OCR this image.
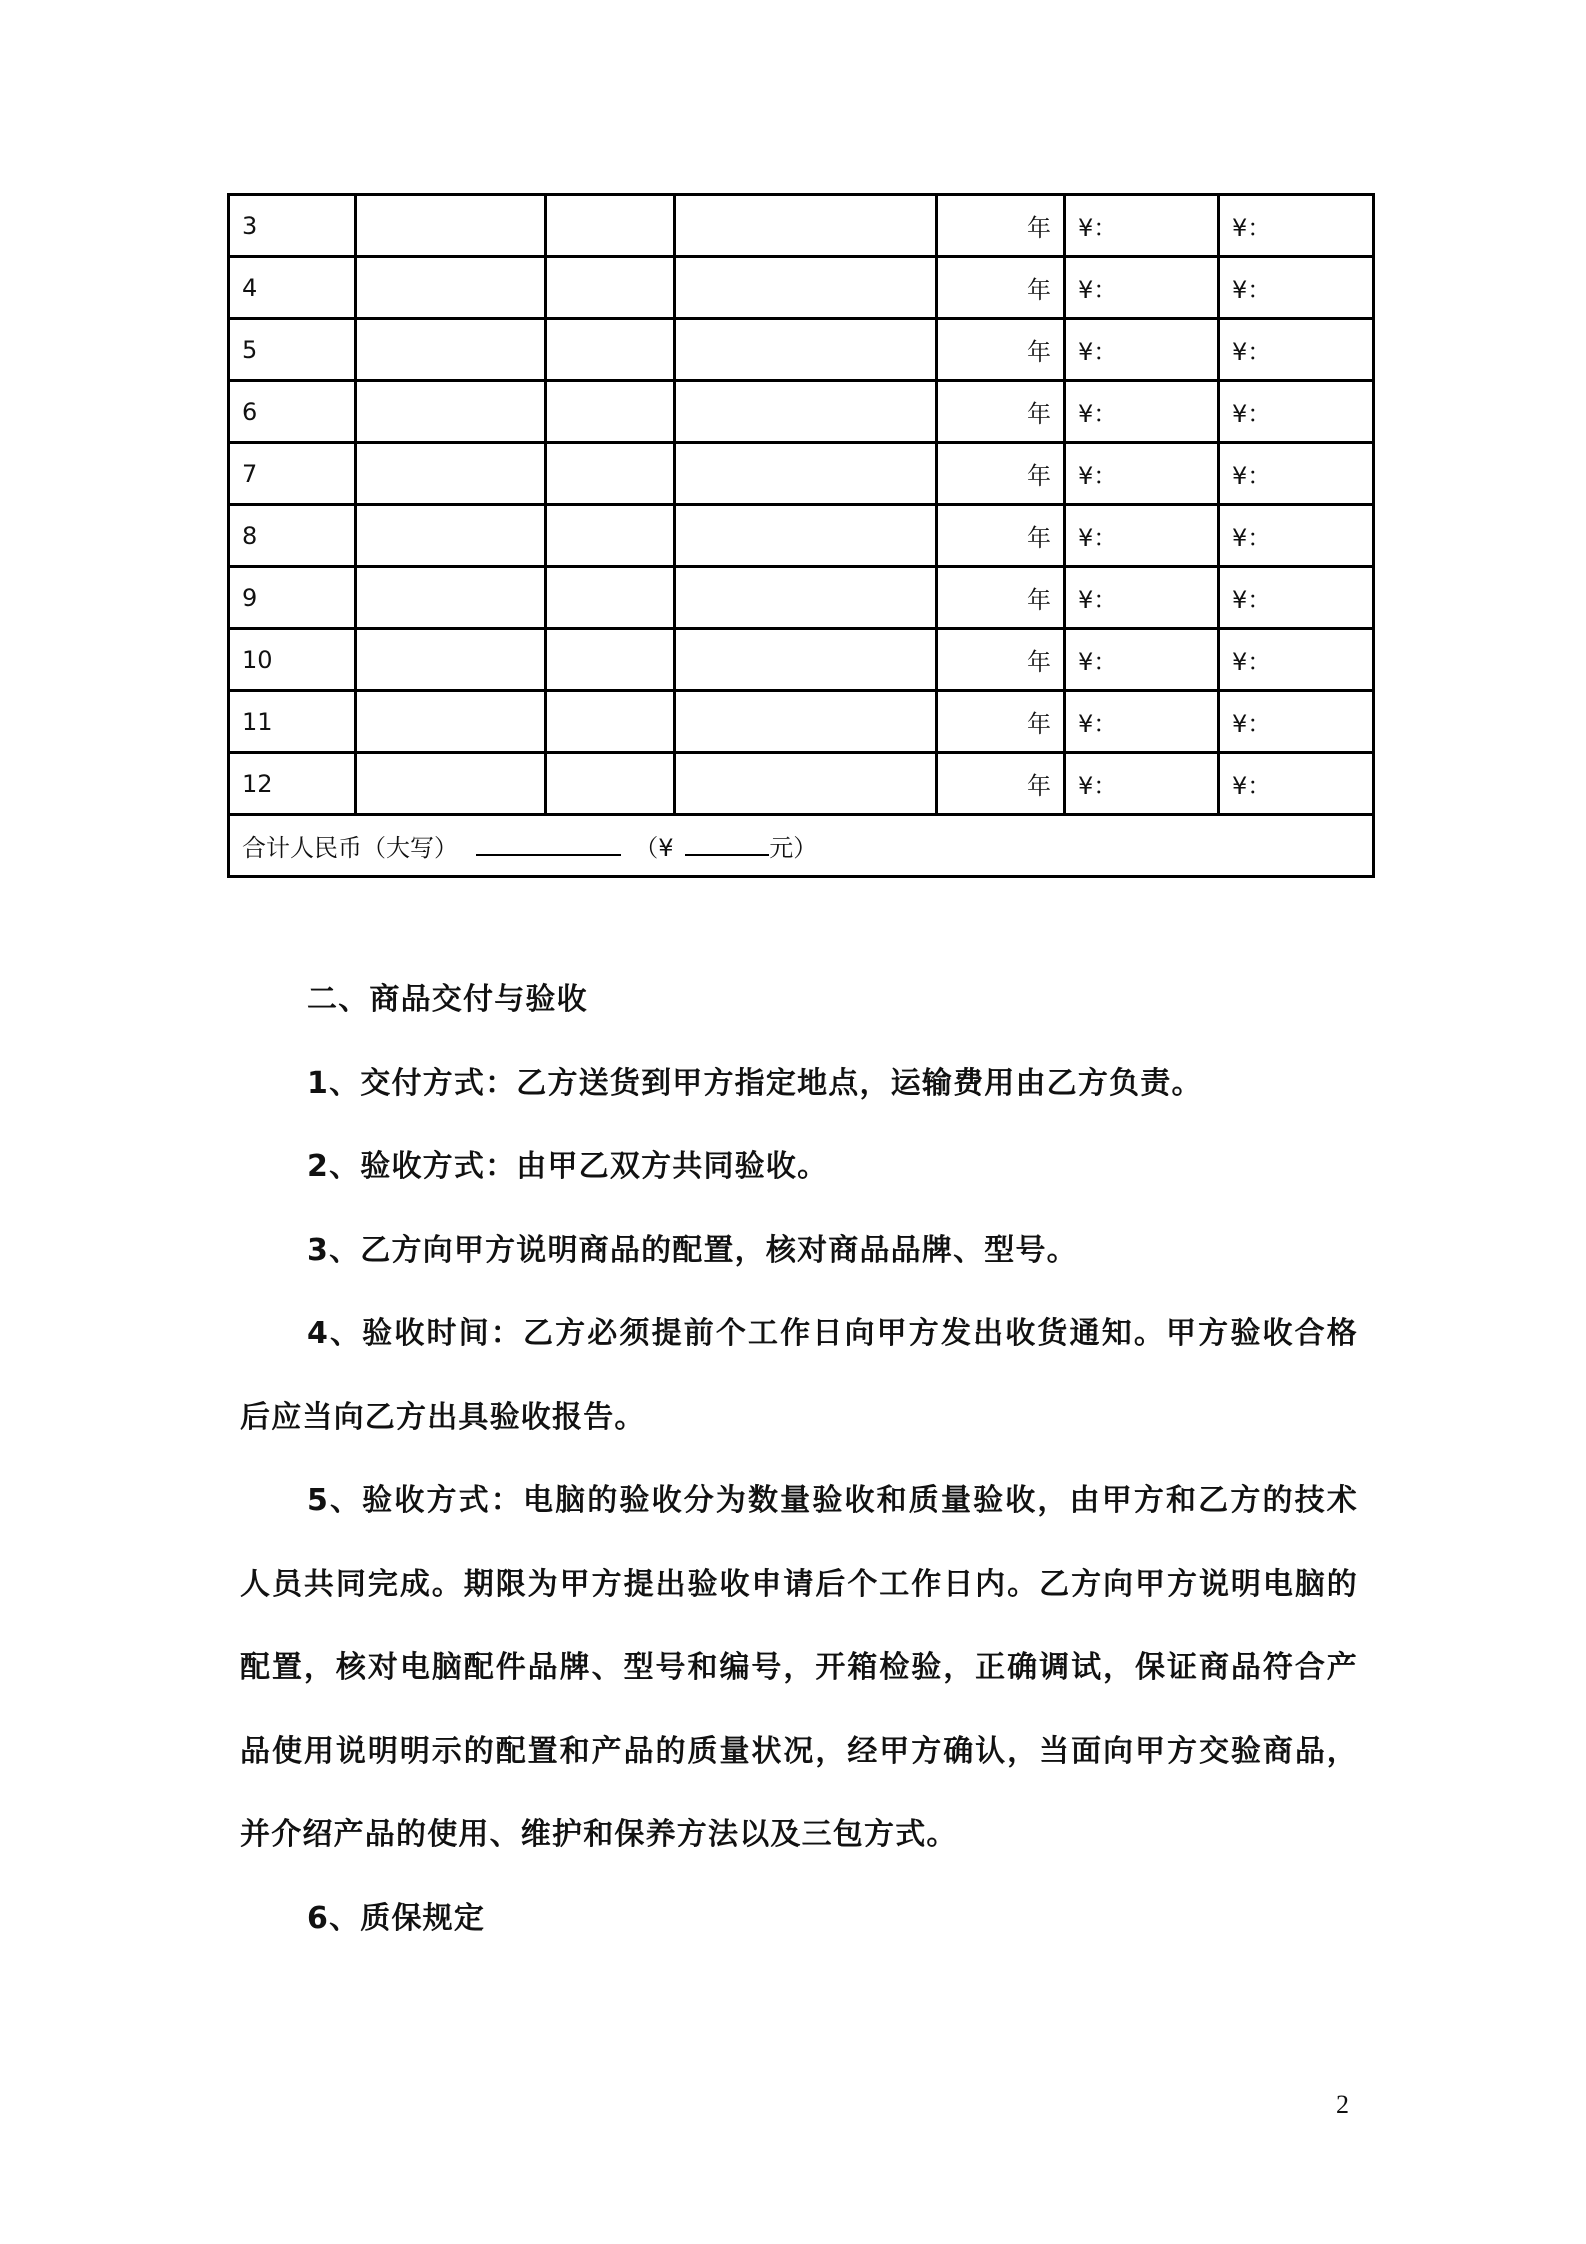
3				年	¥：	¥：
4				年	¥：	¥：
5				年	¥：	¥：
6				年	¥：	¥：
7				年	¥：	¥：
8				年	¥：	¥：
9				年	¥：	¥：
10				年	¥：	¥：
11				年	¥：	¥：
12				年	¥：	¥：
合计人民币（大写） （¥ 元）						

二、商品交付与验收

1、交付方式：乙方送货到甲方指定地点，运输费用由乙方负责。

2、验收方式：由甲乙双方共同验收。

3、乙方向甲方说明商品的配置，核对商品品牌、型号。

4、验收时间：乙方必须提前个工作日向甲方发出收货通知。甲方验收合格后应当向乙方出具验收报告。

5、验收方式：电脑的验收分为数量验收和质量验收，由甲方和乙方的技术人员共同完成。期限为甲方提出验收申请后个工作日内。乙方向甲方说明电脑的配置，核对电脑配件品牌、型号和编号，开箱检验，正确调试，保证商品符合产品使用说明明示的配置和产品的质量状况，经甲方确认，当面向甲方交验商品，并介绍产品的使用、维护和保养方法以及三包方式。

6、质保规定

2
